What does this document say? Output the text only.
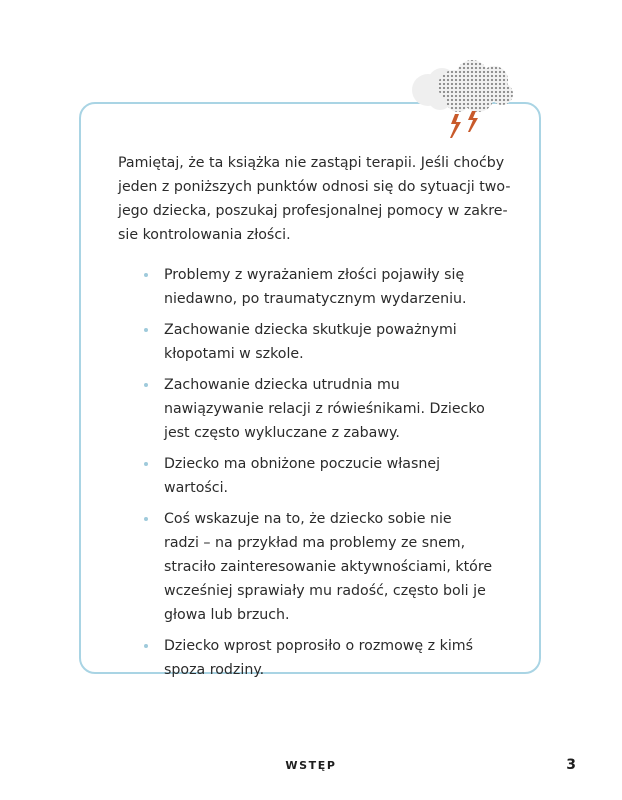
Pamiętaj, że ta książka nie zastąpi terapii. Jeśli choćby
jeden z poniższych punktów odnosi się do sytuacji two-
jego dziecka, poszukaj profesjonalnej pomocy w zakre-
sie kontrolowania złości.

Problemy z wyrażaniem złości pojawiły się
niedawno, po traumatycznym wydarzeniu.
Zachowanie dziecka skutkuje poważnymi
kłopotami w szkole.
Zachowanie dziecka utrudnia mu
nawiązywanie relacji z rówieśnikami. Dziecko
jest często wykluczane z zabawy.
Dziecko ma obniżone poczucie własnej
wartości.
Coś wskazuje na to, że dziecko sobie nie
radzi – na przykład ma problemy ze snem,
straciło zainteresowanie aktywnościami, które
wcześniej sprawiały mu radość, często boli je
głowa lub brzuch.
Dziecko wprost poprosiło o rozmowę z kimś
spoza rodziny.
WSTĘP	3
